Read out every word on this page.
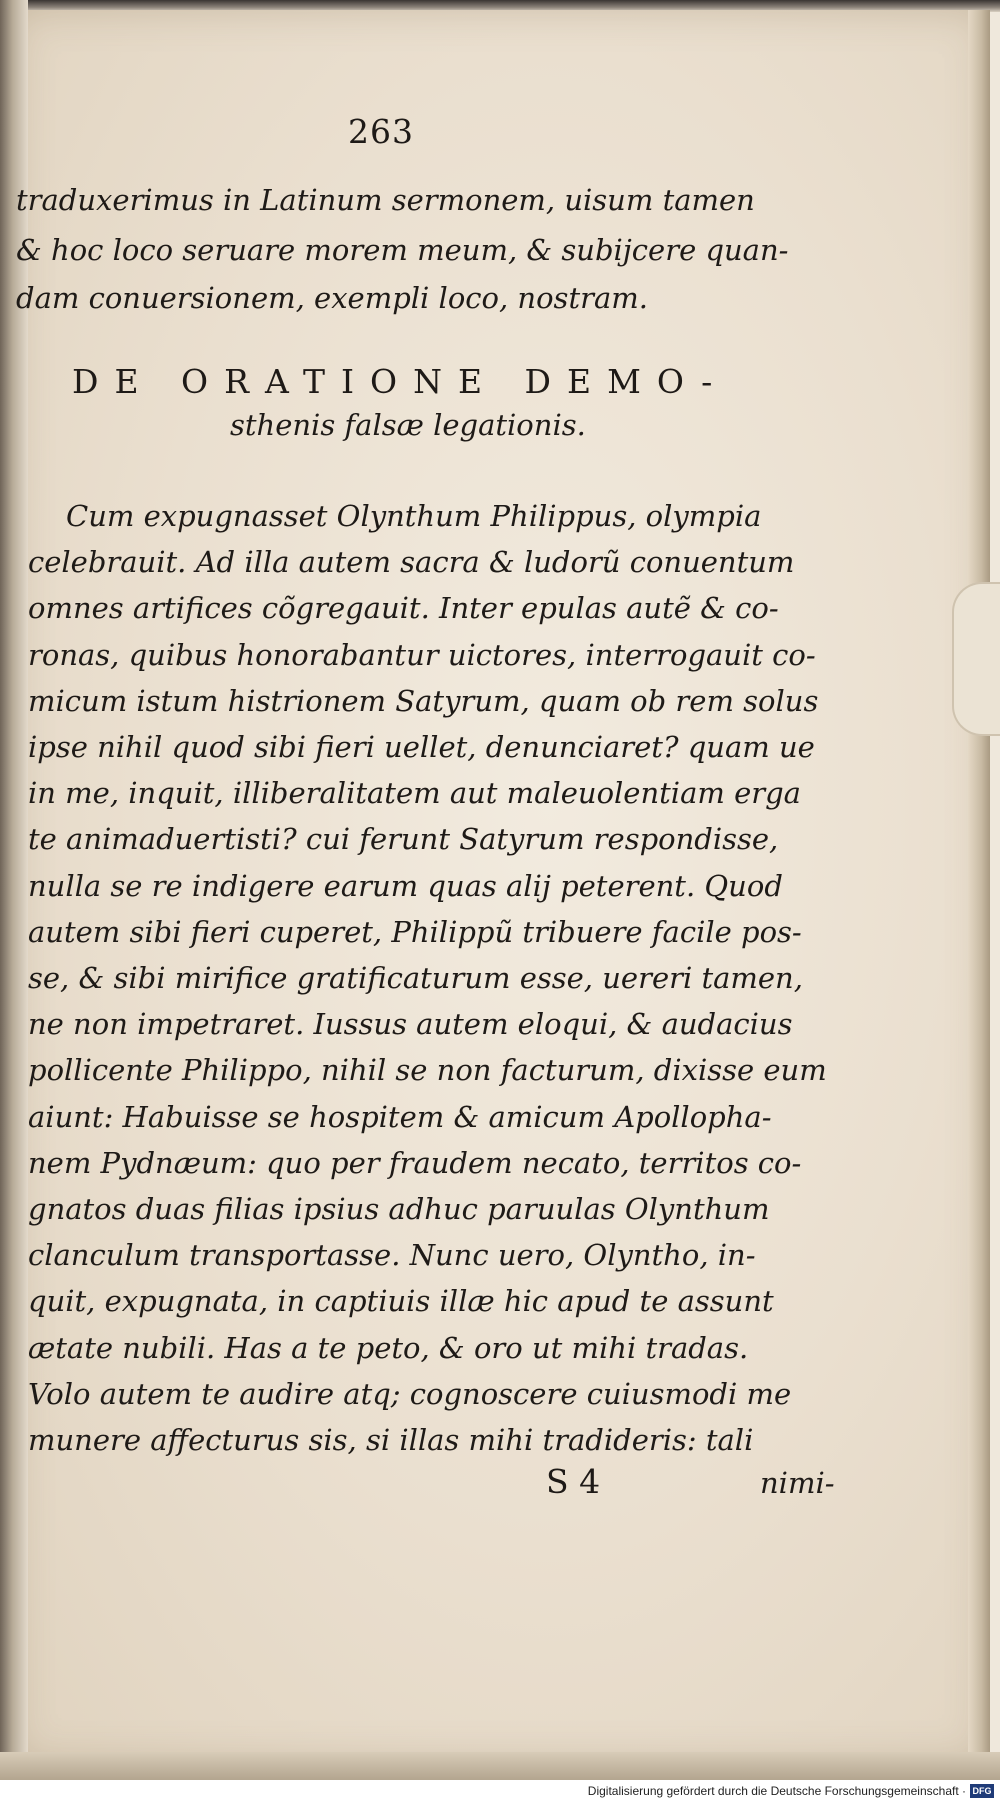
263
traduxerimus in Latinum sermonem, uisum tamen
& hoc loco seruare morem meum, & subijcere quan-
dam conuersionem, exempli loco, nostram.
DE ORATIONE DEMO-
sthenis falsæ legationis.
Cum expugnasset Olynthum Philippus, olympia
celebrauit. Ad illa autem sacra & ludorũ conuentum
omnes artifices cõgregauit. Inter epulas autẽ & co-
ronas, quibus honorabantur uictores, interrogauit co-
micum istum histrionem Satyrum, quam ob rem solus
ipse nihil quod sibi fieri uellet, denunciaret? quam ue
in me, inquit, illiberalitatem aut maleuolentiam erga
te animaduertisti? cui ferunt Satyrum respondisse,
nulla se re indigere earum quas alij peterent. Quod
autem sibi fieri cuperet, Philippũ tribuere facile pos-
se, & sibi mirifice gratificaturum esse, uereri tamen,
ne non impetraret. Iussus autem eloqui, & audacius
pollicente Philippo, nihil se non facturum, dixisse eum
aiunt: Habuisse se hospitem & amicum Apollopha-
nem Pydnæum: quo per fraudem necato, territos co-
gnatos duas filias ipsius adhuc paruulas Olynthum
clanculum transportasse. Nunc uero, Olyntho, in-
quit, expugnata, in captiuis illæ hic apud te assunt
ætate nubili. Has a te peto, & oro ut mihi tradas.
Volo autem te audire atq; cognoscere cuiusmodi me
munere affecturus sis, si illas mihi tradideris: tali
S 4	nimi-
Digitalisierung gefördert durch die Deutsche Forschungsgemeinschaft · DFG
